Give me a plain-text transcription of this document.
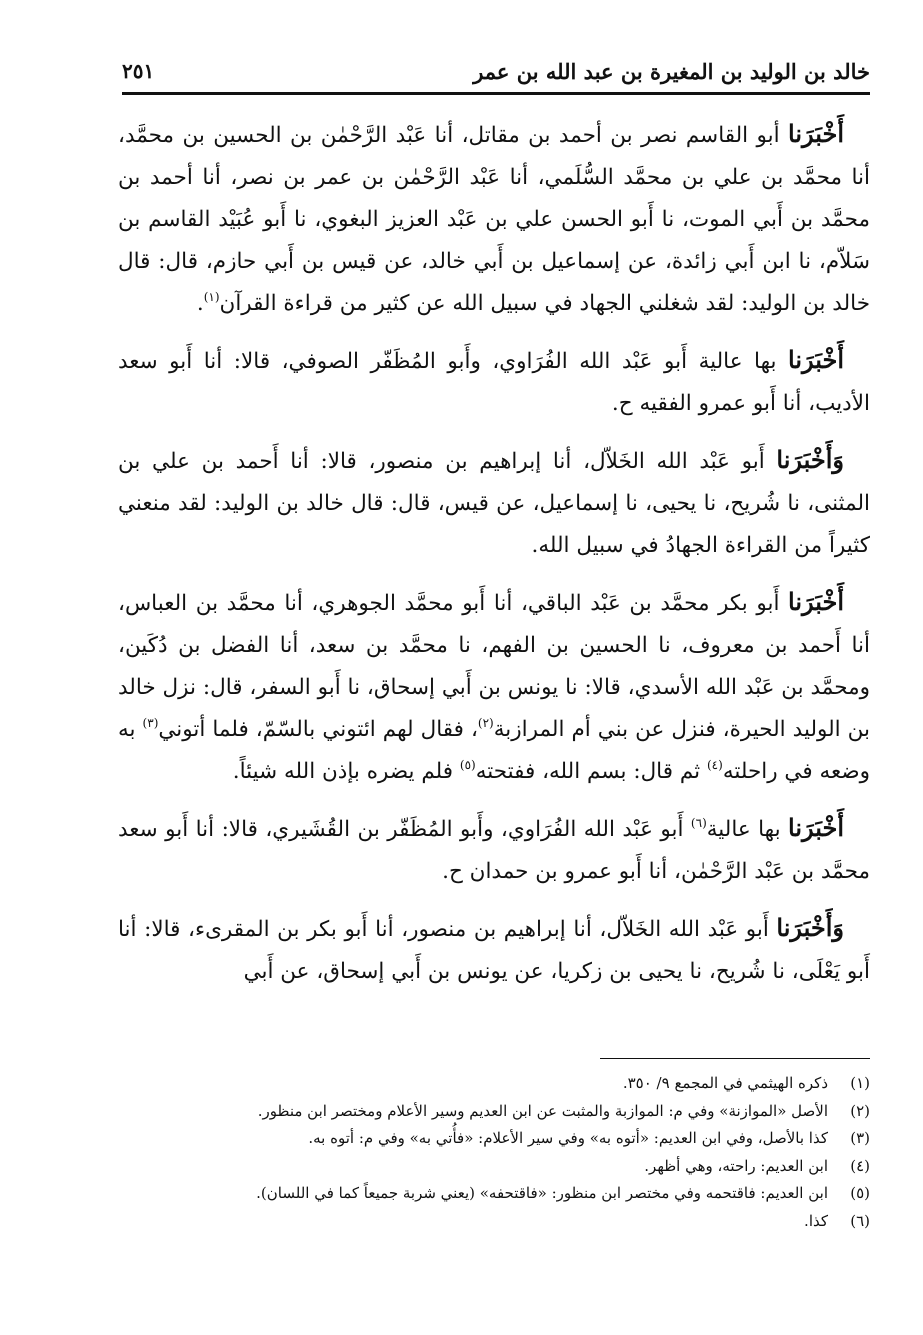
خالد بن الوليد بن المغيرة بن عبد الله بن عمر
٢٥١

أَخْبَرَنا أبو القاسم نصر بن أحمد بن مقاتل، أنا عَبْد الرَّحْمٰن بن الحسين بن محمَّد، أنا محمَّد بن علي بن محمَّد السُّلَمي، أنا عَبْد الرَّحْمٰن بن عمر بن نصر، أنا أحمد بن محمَّد بن أَبي الموت، نا أَبو الحسن علي بن عَبْد العزيز البغوي، نا أَبو عُبَيْد القاسم بن سَلاّم، نا ابن أَبي زائدة، عن إسماعيل بن أَبي خالد، عن قيس بن أَبي حازم، قال: قال خالد بن الوليد: لقد شغلني الجهاد في سبيل الله عن كثير من قراءة القرآن$^{(١)}$.

أَخْبَرَنا بها عالية أَبو عَبْد الله الفُرَاوي، وأَبو المُظَفّر الصوفي، قالا: أنا أَبو سعد الأديب، أنا أَبو عمرو الفقيه ح.

وَأَخْبَرَنا أَبو عَبْد الله الخَلاّل، أنا إبراهيم بن منصور، قالا: أنا أَحمد بن علي بن المثنى، نا شُريح، نا يحيى، نا إسماعيل، عن قيس، قال: قال خالد بن الوليد: لقد منعني كثيراً من القراءة الجهادُ في سبيل الله.

أَخْبَرَنا أَبو بكر محمَّد بن عَبْد الباقي، أنا أَبو محمَّد الجوهري، أنا محمَّد بن العباس، أنا أَحمد بن معروف، نا الحسين بن الفهم، نا محمَّد بن سعد، أنا الفضل بن دُكَين، ومحمَّد بن عَبْد الله الأسدي، قالا: نا يونس بن أَبي إسحاق، نا أَبو السفر، قال: نزل خالد بن الوليد الحيرة، فنزل عن بني أم المرازبة$^{(٢)}$، فقال لهم ائتوني بالسّمّ، فلما أتوني$^{(٣)}$ به وضعه في راحلته$^{(٤)}$ ثم قال: بسم الله، ففتحته$^{(٥)}$ فلم يضره بإذن الله شيئاً.

أَخْبَرَنا بها عالية$^{(٦)}$ أَبو عَبْد الله الفُرَاوي، وأَبو المُظَفّر بن القُشَيري، قالا: أنا أَبو سعد محمَّد بن عَبْد الرَّحْمٰن، أنا أَبو عمرو بن حمدان ح.

وَأَخْبَرَنا أَبو عَبْد الله الخَلاّل، أنا إبراهيم بن منصور، أنا أَبو بكر بن المقرىء، قالا: أنا أَبو يَعْلَى، نا شُريح، نا يحيى بن زكريا، عن يونس بن أَبي إسحاق، عن أَبي

(١)
ذكره الهيثمي في المجمع ٩/ ٣٥٠.
(٢)
الأصل «الموازنة» وفي م: الموازبة والمثبت عن ابن العديم وسير الأعلام ومختصر ابن منظور.
(٣)
كذا بالأصل، وفي ابن العديم: «أتوه به» وفي سير الأعلام: «فأُتي به» وفي م: أتوه به.
(٤)
ابن العديم: راحته، وهي أظهر.
(٥)
ابن العديم: فاقتحمه وفي مختصر ابن منظور: «فاقتحفه» (يعني شربة جميعاً كما في اللسان).
(٦)
كذا.
